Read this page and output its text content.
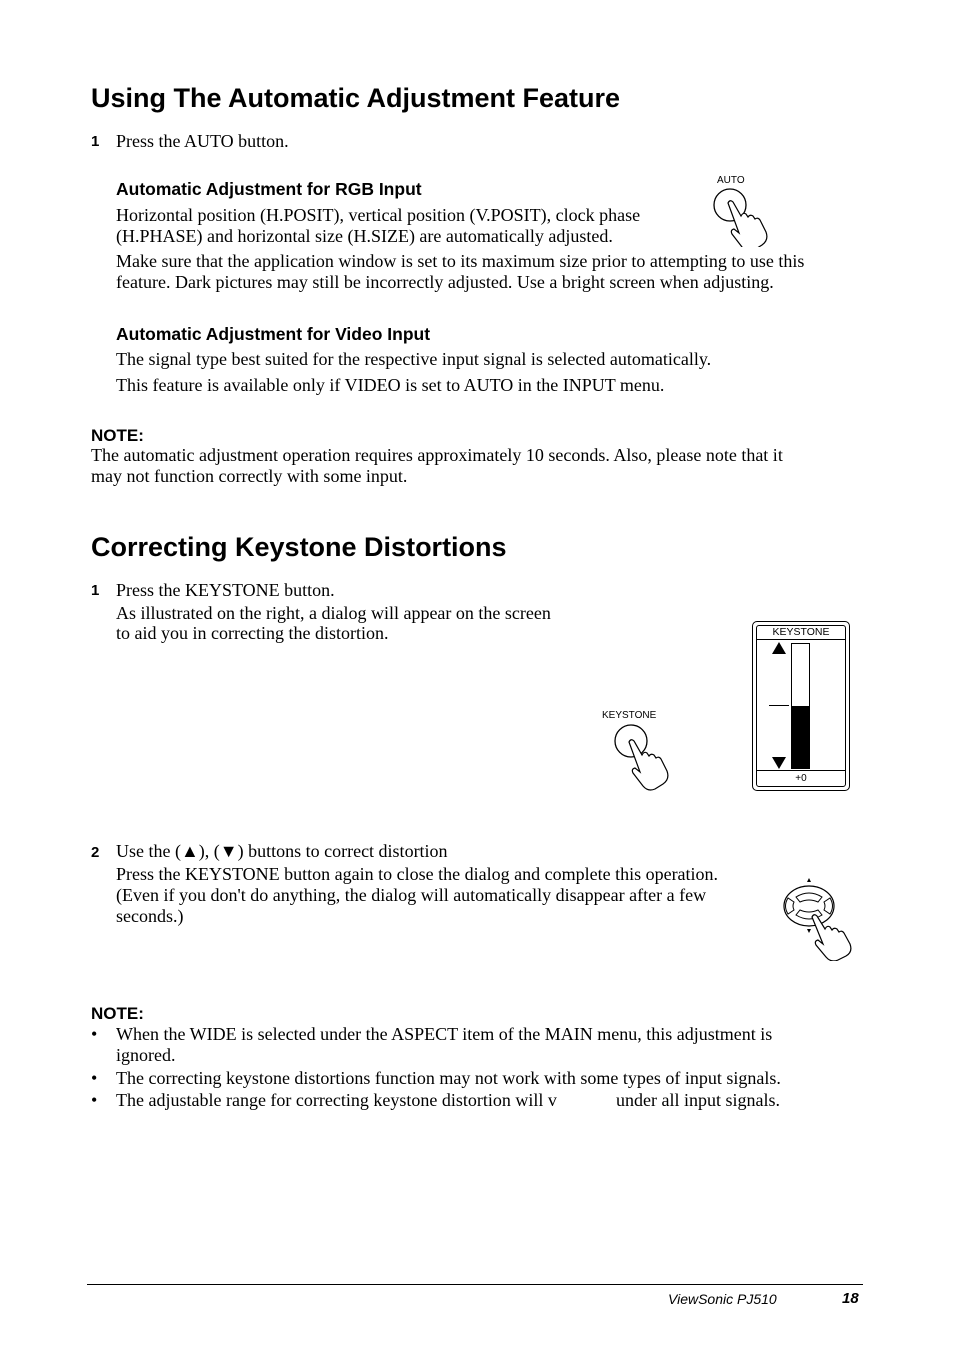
Using The Automatic Adjustment Feature
1 Press the AUTO button.
Automatic Adjustment for RGB Input
Horizontal position (H.POSIT), vertical position (V.POSIT), clock phase
(H.PHASE) and horizontal size (H.SIZE) are automatically adjusted.
Make sure that the application window is set to its maximum size prior to attempting to use this
feature. Dark pictures may still be incorrectly adjusted. Use a bright screen when adjusting.
AUTO
Automatic Adjustment for Video Input
The signal type best suited for the respective input signal is selected automatically.
This feature is available only if VIDEO is set to AUTO in the INPUT menu.
NOTE:
The automatic adjustment operation requires approximately 10 seconds. Also, please note that it
may not function correctly with some input.
Correcting Keystone Distortions
1 Press the KEYSTONE button.
As illustrated on the right, a dialog will appear on the screen
to aid you in correcting the distortion.
KEYSTONE
KEYSTONE
+0
2 Use the (▲), (▼) buttons to correct distortion
Press the KEYSTONE button again to close the dialog and complete this operation.
(Even if you don't do anything, the dialog will automatically disappear after a few
seconds.)
NOTE:
• When the WIDE is selected under the ASPECT item of the MAIN menu, this adjustment is
ignored.
• The correcting keystone distortions function may not work with some types of input signals.
• The adjustable range for correcting keystone distortion will v	under all input signals.
ViewSonic PJ510	18
